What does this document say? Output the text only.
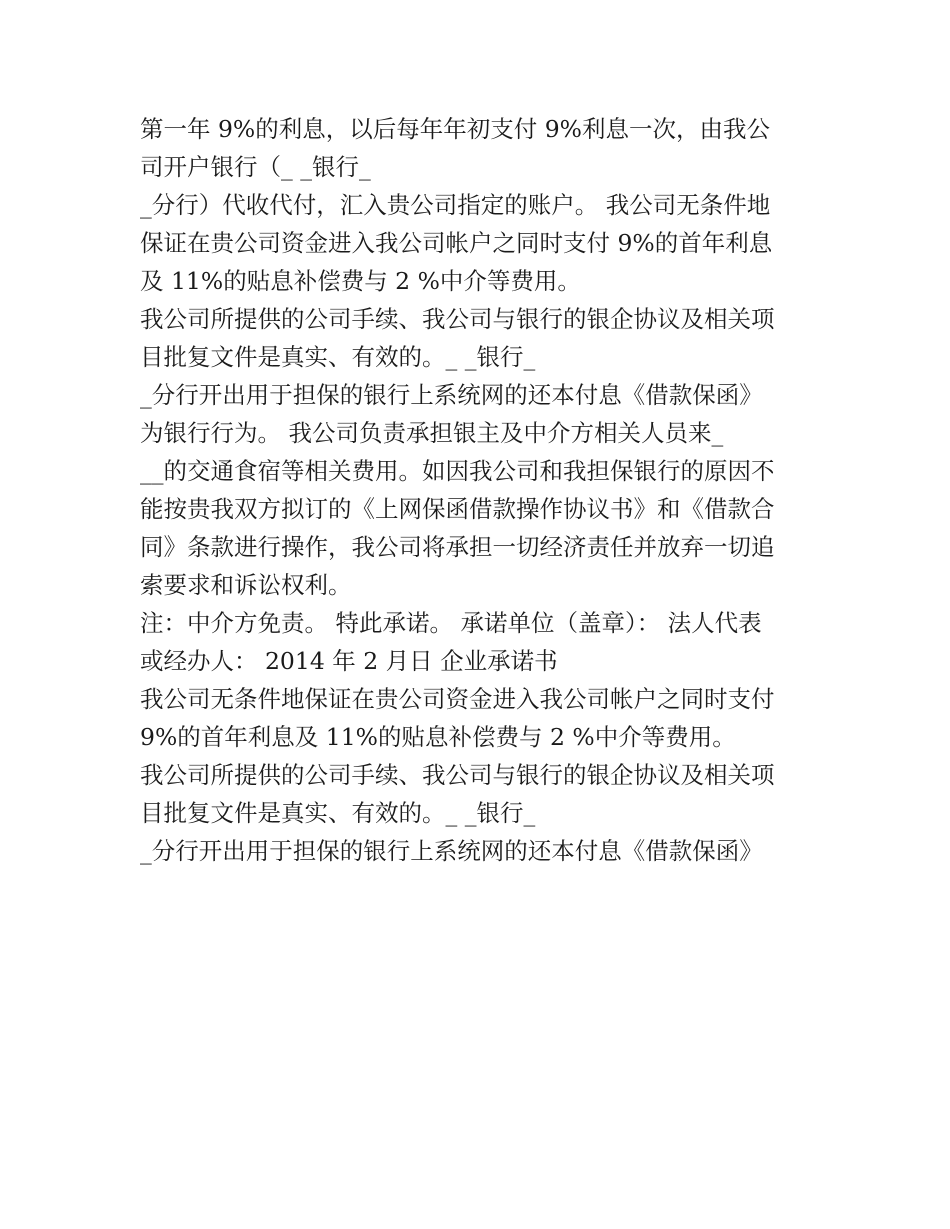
第一年 9%的利息，以后每年年初支付 9%利息一次，由我公
司开户银行（_ _银行_
_分行）代收代付，汇入贵公司指定的账户。 我公司无条件地
保证在贵公司资金进入我公司帐户之同时支付 9%的首年利息
及 11%的贴息补偿费与 2 %中介等费用。
我公司所提供的公司手续、我公司与银行的银企协议及相关项
目批复文件是真实、有效的。_ _银行_
_分行开出用于担保的银行上系统网的还本付息《借款保函》
为银行行为。 我公司负责承担银主及中介方相关人员来_
__的交通食宿等相关费用。如因我公司和我担保银行的原因不
能按贵我双方拟订的《上网保函借款操作协议书》和《借款合
同》条款进行操作，我公司将承担一切经济责任并放弃一切追
索要求和诉讼权利。
注：中介方免责。 特此承诺。 承诺单位（盖章）： 法人代表
或经办人： 2014 年 2 月日 企业承诺书
我公司无条件地保证在贵公司资金进入我公司帐户之同时支付
9%的首年利息及 11%的贴息补偿费与 2 %中介等费用。
我公司所提供的公司手续、我公司与银行的银企协议及相关项
目批复文件是真实、有效的。_ _银行_
_分行开出用于担保的银行上系统网的还本付息《借款保函》
